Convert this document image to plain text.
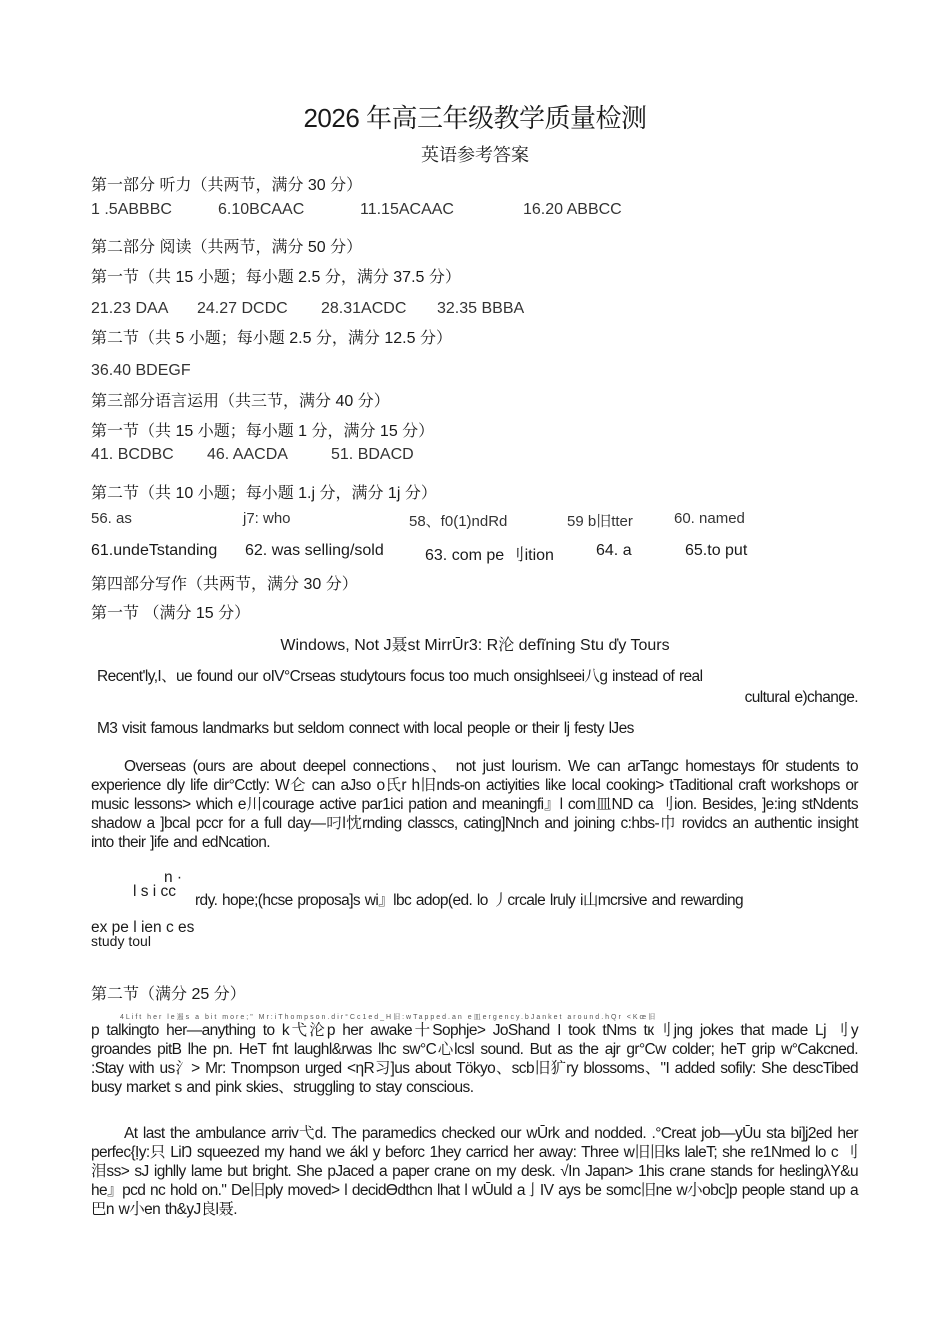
2026 年高三年级教学质量检测
英语参考答案
第一部分 听力（共两节，满分 30 分）
1 .5ABBBC	6.10BCAAC	11.15ACAAC	16.20 ABBCC
第二部分 阅读（共两节，满分 50 分）
第一节（共 15 小题；每小题 2.5 分，满分 37.5 分）
21.23 DAA 24.27 DCDC 28.31ACDC 32.35 BBBA
第二节（共 5 小题；每小题 2.5 分，满分 12.5 分）
36.40 BDEGF
第三部分语言运用（共三节，满分 40 分）
第一节（共 15 小题；每小题 1 分，满分 15 分）
41. BCDBC 46. AACDA	51. BDACD
第二节（共 10 小题；每小题 1.j 分，满分 1j 分）
56. as	j7: who	58、f0(1)ndRd	59 b旧tter	60. named
61.undeTstanding 62. was selling/sold	63. com pe 刂ition	64. a	65.to put
第四部分写作（共两节，满分 30 分）
第一节 （满分 15 分）
Windows, Not J聂st MirrŪr3: R沦 defĩning Stu ďy Tours
Recent'ly,I、ue found our oIV°Crseas studytours focus too much onsighlseei八g instead of real
cultural e)change.
M3 visit famous landmarks but seldom connect with local people or their lj festy lJes
Overseas (ours are about deepel connections、 not just lourism. We can arTangc homestays f0r students to experience dly life dir°Cctly: W仑 can aJso o氏r h旧nds-on actiyities like local cooking> tTaditional craft workshops or music lessons> which e川courage active par1ici pation and meaningfi』l com皿ND ca 刂ion. Besides, ]e:ing stNdents shadow a ]bcal pccr for a full day—叼l忱rnding classcs, cating]Nnch and joining c:hbs-巾 rovidcs an authentic insight into their ]ife and edNcation.
n ·
l s i cc
rdy. hope;(hcse proposa]s wi』lbc adop(ed. lo 丿crcale lruly i山mcrsive and rewarding
ex pe l ien c es
study toul
第二节（满分 25 分）
4Lift her le遏s a bit more;" Mr:iThompson.dir°Cc1ed_H旧:wTapped.an e皿ergency.bJanket around.hQr <Kœ旧
p talkingto her—anything to k弋沦p her awake十Sophje> JoShand I took tNms tк刂jng jokes that made Lj 刂y groandes pitB lhe pn. HeT fnt laughl&rwas lhc sw°C心lcsl sound. But as the ajr gr°Cw colder; heT grip w°Cakcned. :Stay with us氵> Mr: Tnompson urged <ηR习]us about Tökyo、scb旧犷ry blossoms、"I added sofily: She descTibed busy market s and pink skies、struggling to stay conscious.
At last the ambulance arriv弋d. The paramedics checked our wŪrk and nodded. .°Creat job—yŪu sta bi]j2ed her perfec{Ịy:只 LiŊ squeezed my hand we ákl y beforc 1hey carricd her away: Three w旧旧ks laleT; she re1Nmed lo c 刂泪ss> sJ ighlly lame but bright. She pJaced a paper crane on my desk. √In Japan> 1his crane stands for heɛlingλY&u he』pcd nc hold on." De旧ply moved> l decidӨdthcn lhat l wŪuld a亅IV ays be somc旧ne w小obc]p people stand up a巴n w小en th&yJ良l聂.
